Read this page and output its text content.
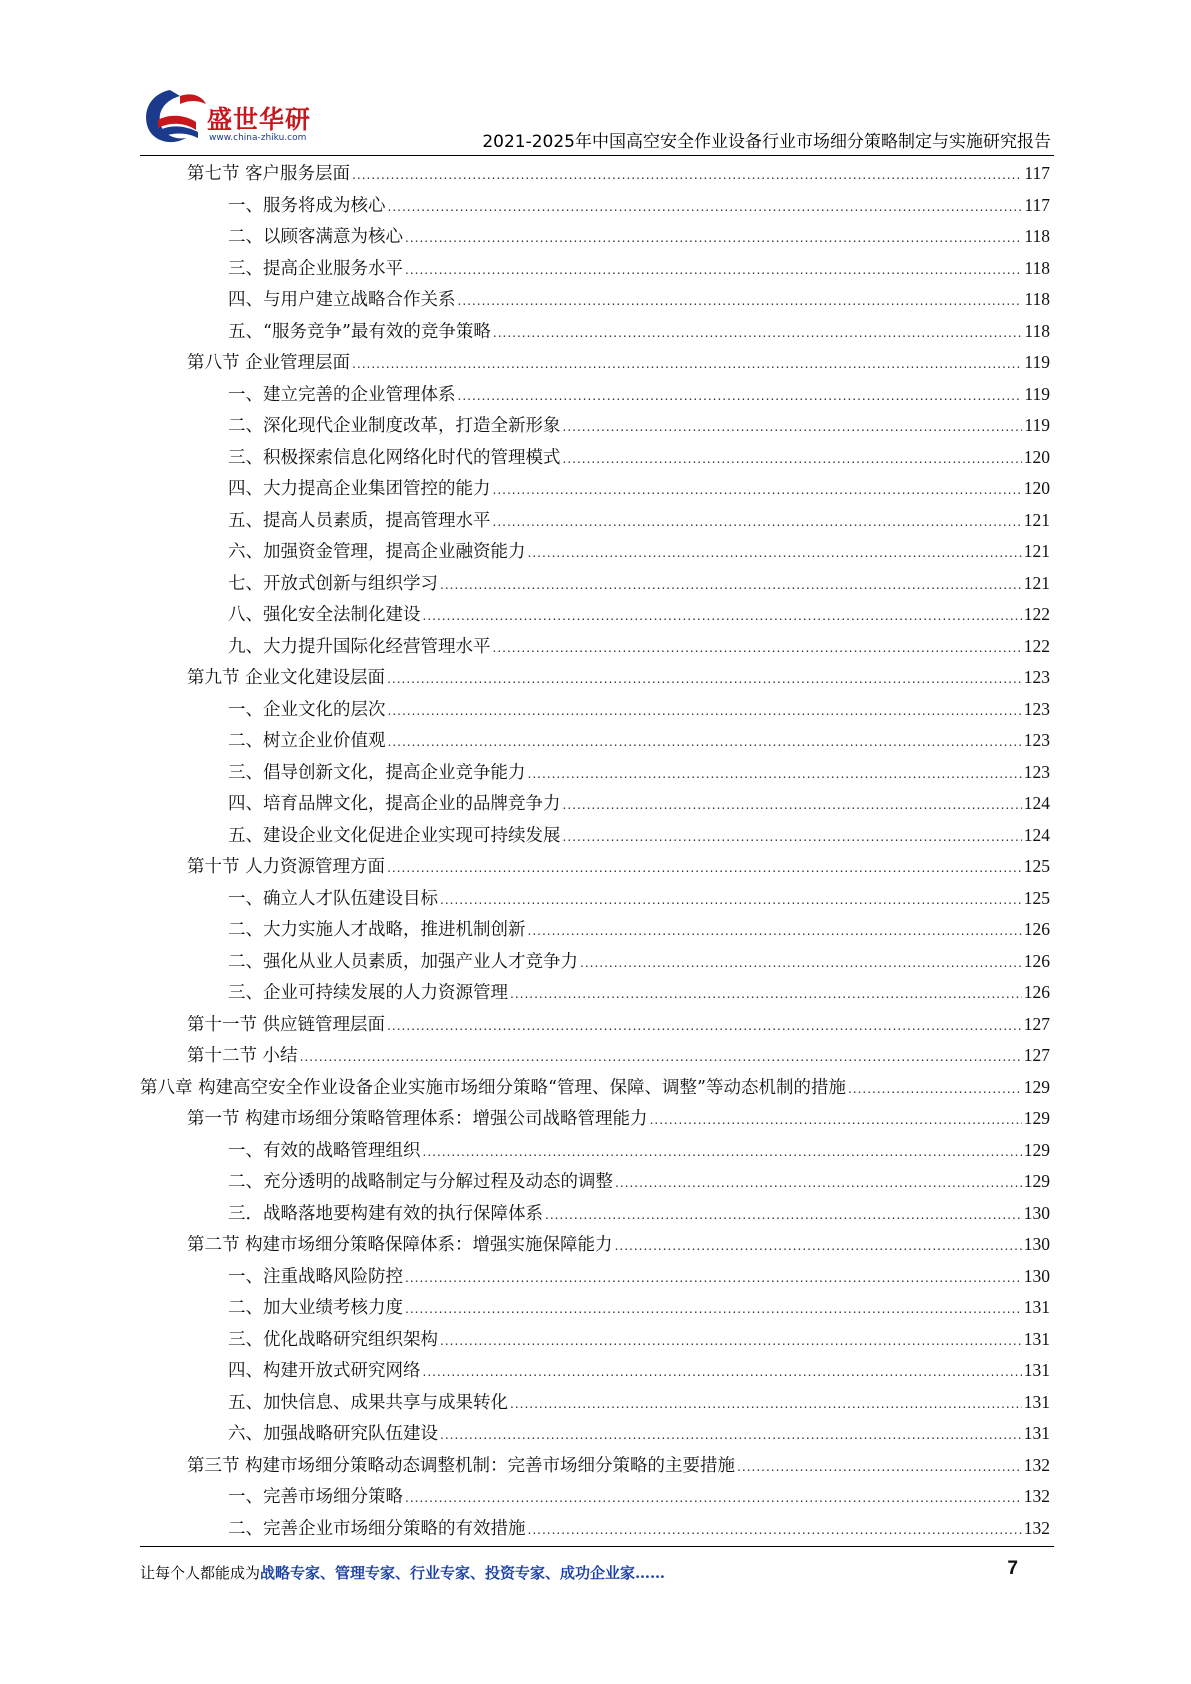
盛世华研
www.china-zhiku.com	2021-2025年中国高空安全作业设备行业市场细分策略制定与实施研究报告
第七节 客户服务层面 .....	117
一、服务将成为核心 .....	117
二、以顾客满意为核心 .....	118
三、提高企业服务水平 .....	118
四、与用户建立战略合作关系 .....	118
五、“服务竞争”最有效的竞争策略 .....	118
第八节 企业管理层面 .....	119
一、建立完善的企业管理体系 .....	119
二、深化现代企业制度改革，打造全新形象 .....	119
三、积极探索信息化网络化时代的管理模式 .....	120
四、大力提高企业集团管控的能力 .....	120
五、提高人员素质，提高管理水平 .....	121
六、加强资金管理，提高企业融资能力 .....	121
七、开放式创新与组织学习 .....	121
八、强化安全法制化建设 .....	122
九、大力提升国际化经营管理水平 .....	122
第九节 企业文化建设层面 .....	123
一、企业文化的层次 .....	123
二、树立企业价值观 .....	123
三、倡导创新文化，提高企业竞争能力 .....	123
四、培育品牌文化，提高企业的品牌竞争力 .....	124
五、建设企业文化促进企业实现可持续发展 .....	124
第十节 人力资源管理方面 .....	125
一、确立人才队伍建设目标 .....	125
二、大力实施人才战略，推进机制创新 .....	126
二、强化从业人员素质，加强产业人才竞争力 .....	126
三、企业可持续发展的人力资源管理 .....	126
第十一节 供应链管理层面 .....	127
第十二节 小结 .....	127
第八章 构建高空安全作业设备企业实施市场细分策略“管理、保障、调整”等动态机制的措施 .....	129
第一节 构建市场细分策略管理体系：增强公司战略管理能力 .....	129
一、有效的战略管理组织 .....	129
二、充分透明的战略制定与分解过程及动态的调整 .....	129
三．战略落地要构建有效的执行保障体系 .....	130
第二节 构建市场细分策略保障体系：增强实施保障能力 .....	130
一、注重战略风险防控 .....	130
二、加大业绩考核力度 .....	131
三、优化战略研究组织架构 .....	131
四、构建开放式研究网络 .....	131
五、加快信息、成果共享与成果转化 .....	131
六、加强战略研究队伍建设 .....	131
第三节 构建市场细分策略动态调整机制：完善市场细分策略的主要措施 .....	132
一、完善市场细分策略 .....	132
二、完善企业市场细分策略的有效措施 .....	132
让每个人都能成为战略专家、管理专家、行业专家、投资专家、成功企业家……	7
